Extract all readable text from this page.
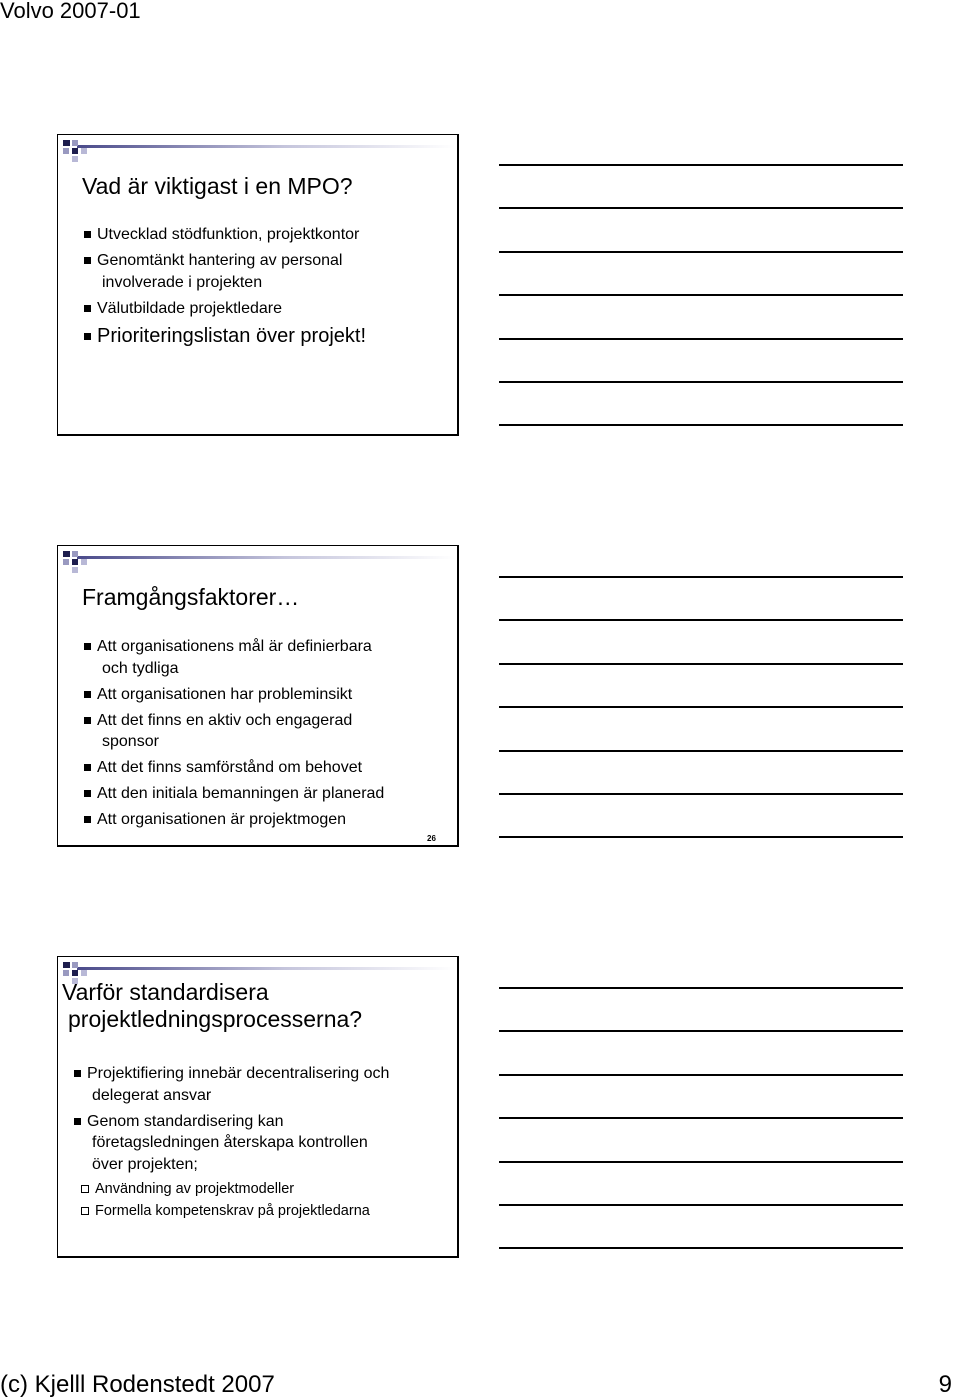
Volvo 2007-01
Vad är viktigast i en MPO?
Utvecklad stödfunktion, projektkontor
Genomtänkt hantering av personal
involverade i projekten
Välutbildade projektledare
Prioriteringslistan över projekt!
Framgångsfaktorer…
Att organisationens mål är definierbara
och tydliga
Att organisationen har probleminsikt
Att det finns en aktiv och engagerad
sponsor
Att det finns samförstånd om behovet
Att den initiala bemanningen är planerad
Att organisationen är projektmogen
26
Varför standardisera
projektledningsprocesserna?
Projektifiering innebär decentralisering och
delegerat ansvar
Genom standardisering kan
företagsledningen återskapa kontrollen
över projekten;
Användning av projektmodeller
Formella kompetenskrav på projektledarna
(c) Kjelll Rodenstedt 2007	9
